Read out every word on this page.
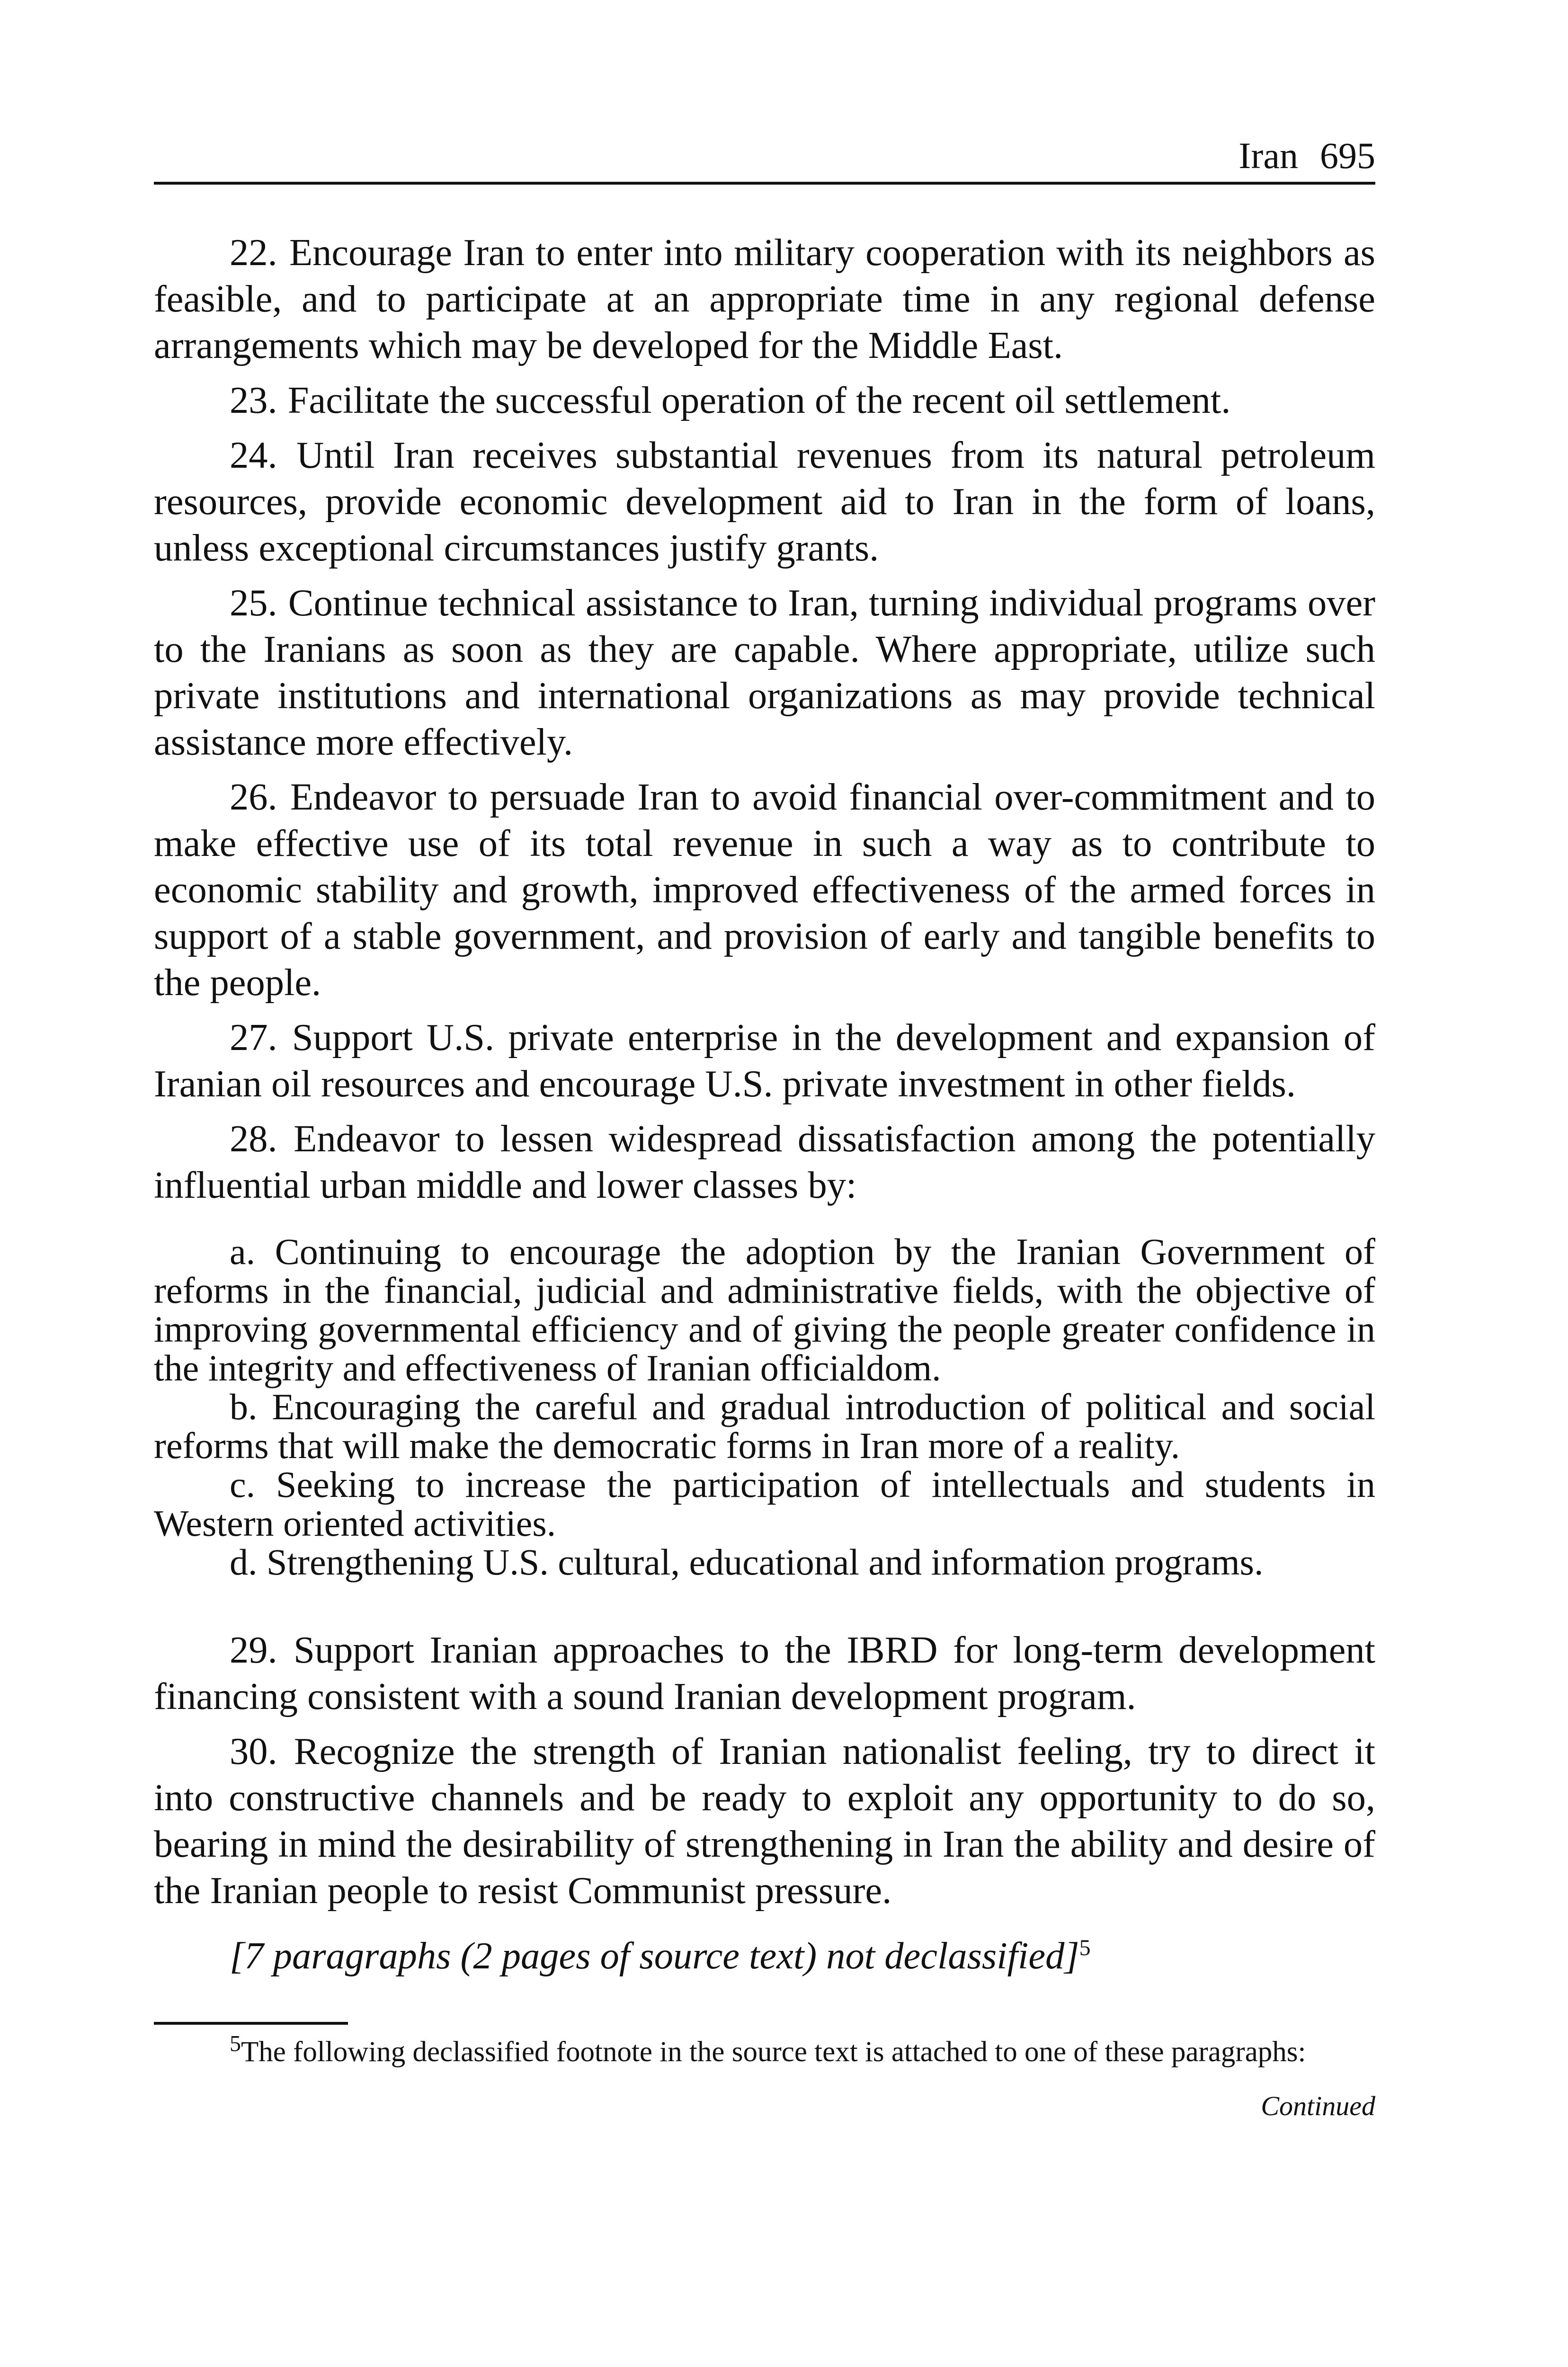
Iran 695

22. Encourage Iran to enter into military cooperation with its neighbors as feasible, and to participate at an appropriate time in any regional defense arrangements which may be developed for the Middle East.

23. Facilitate the successful operation of the recent oil settlement.

24. Until Iran receives substantial revenues from its natural petroleum resources, provide economic development aid to Iran in the form of loans, unless exceptional circumstances justify grants.

25. Continue technical assistance to Iran, turning individual programs over to the Iranians as soon as they are capable. Where appropriate, utilize such private institutions and international organizations as may provide technical assistance more effectively.

26. Endeavor to persuade Iran to avoid financial over-commitment and to make effective use of its total revenue in such a way as to contribute to economic stability and growth, improved effectiveness of the armed forces in support of a stable government, and provision of early and tangible benefits to the people.

27. Support U.S. private enterprise in the development and expansion of Iranian oil resources and encourage U.S. private investment in other fields.

28. Endeavor to lessen widespread dissatisfaction among the potentially influential urban middle and lower classes by:

a. Continuing to encourage the adoption by the Iranian Government of reforms in the financial, judicial and administrative fields, with the objective of improving governmental efficiency and of giving the people greater confidence in the integrity and effectiveness of Iranian officialdom.

b. Encouraging the careful and gradual introduction of political and social reforms that will make the democratic forms in Iran more of a reality.

c. Seeking to increase the participation of intellectuals and students in Western oriented activities.

d. Strengthening U.S. cultural, educational and information programs.

29. Support Iranian approaches to the IBRD for long-term development financing consistent with a sound Iranian development program.

30. Recognize the strength of Iranian nationalist feeling, try to direct it into constructive channels and be ready to exploit any opportunity to do so, bearing in mind the desirability of strengthening in Iran the ability and desire of the Iranian people to resist Communist pressure.

[7 paragraphs (2 pages of source text) not declassified]$^5$

$^5$The following declassified footnote in the source text is attached to one of these paragraphs:

Continued
